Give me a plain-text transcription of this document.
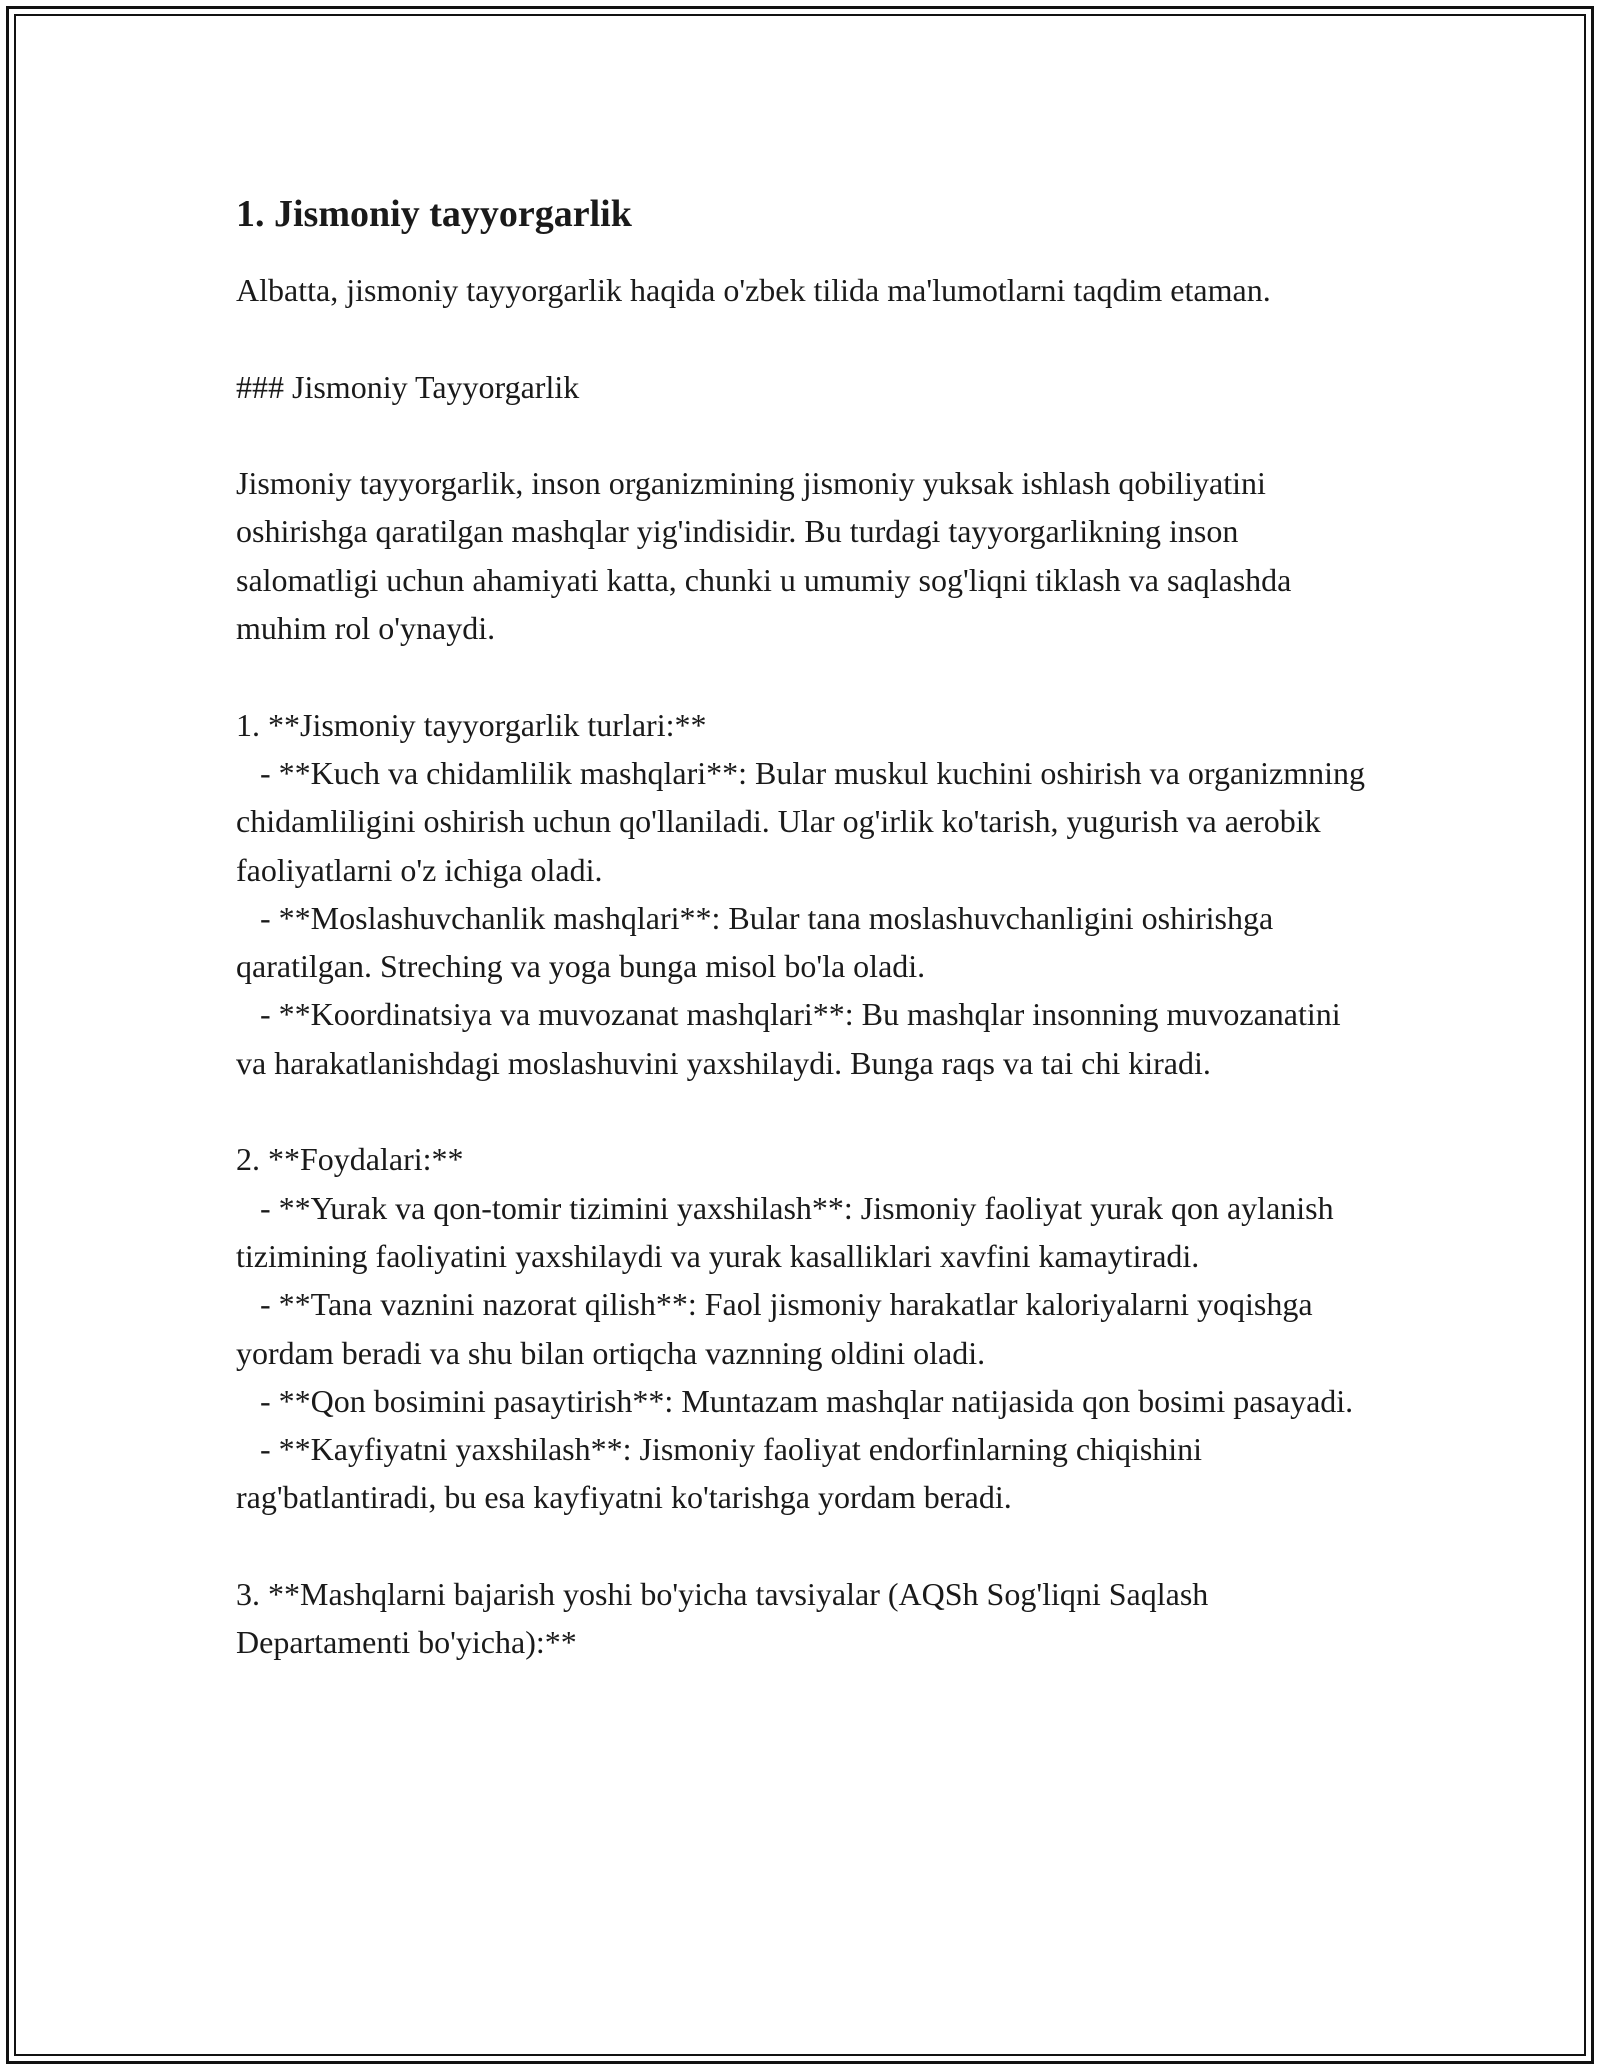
1. Jismoniy tayyorgarlik

Albatta, jismoniy tayyorgarlik haqida o'zbek tilida ma'lumotlarni taqdim etaman.

### Jismoniy Tayyorgarlik

Jismoniy tayyorgarlik, inson organizmining jismoniy yuksak ishlash qobiliyatini oshirishga qaratilgan mashqlar yig'indisidir. Bu turdagi tayyorgarlikning inson salomatligi uchun ahamiyati katta, chunki u umumiy sog'liqni tiklash va saqlashda muhim rol o'ynaydi.

1. **Jismoniy tayyorgarlik turlari:**

- **Kuch va chidamlilik mashqlari**: Bular muskul kuchini oshirish va organizmning chidamliligini oshirish uchun qo'llaniladi. Ular og'irlik ko'tarish, yugurish va aerobik faoliyatlarni o'z ichiga oladi.

- **Moslashuvchanlik mashqlari**: Bular tana moslashuvchanligini oshirishga qaratilgan. Streching va yoga bunga misol bo'la oladi.

- **Koordinatsiya va muvozanat mashqlari**: Bu mashqlar insonning muvozanatini va harakatlanishdagi moslashuvini yaxshilaydi. Bunga raqs va tai chi kiradi.

2. **Foydalari:**

- **Yurak va qon-tomir tizimini yaxshilash**: Jismoniy faoliyat yurak qon aylanish tizimining faoliyatini yaxshilaydi va yurak kasalliklari xavfini kamaytiradi.

- **Tana vaznini nazorat qilish**: Faol jismoniy harakatlar kaloriyalarni yoqishga yordam beradi va shu bilan ortiqcha vaznning oldini oladi.

- **Qon bosimini pasaytirish**: Muntazam mashqlar natijasida qon bosimi pasayadi.

- **Kayfiyatni yaxshilash**: Jismoniy faoliyat endorfinlarning chiqishini rag'batlantiradi, bu esa kayfiyatni ko'tarishga yordam beradi.

3. **Mashqlarni bajarish yoshi bo'yicha tavsiyalar (AQSh Sog'liqni Saqlash Departamenti bo'yicha):**
